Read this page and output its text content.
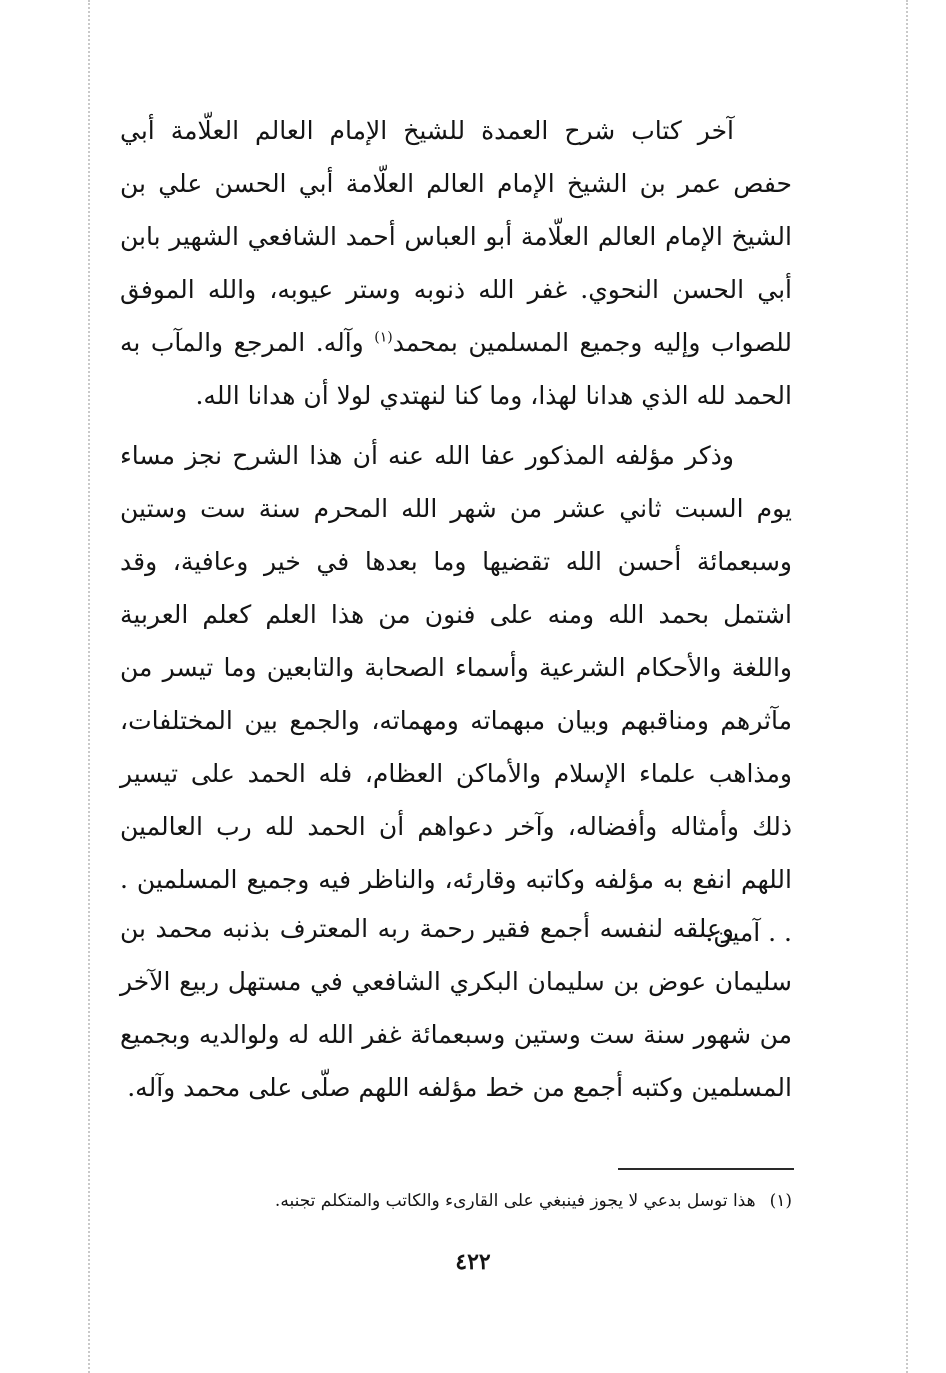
آخر كتاب شرح العمدة للشيخ الإمام العالم العلّامة أبي حفص عمر بن الشيخ الإمام العالم العلّامة أبي الحسن علي بن الشيخ الإمام العالم العلّامة أبو العباس أحمد الشافعي الشهير بابن أبي الحسن النحوي. غفر الله ذنوبه وستر عيوبه، والله الموفق للصواب وإليه وجميع المسلمين بمحمد$^{(١)}$ وآله. المرجع والمآب به الحمد لله الذي هدانا لهذا، وما كنا لنهتدي لولا أن هدانا الله.

وذكر مؤلفه المذكور عفا الله عنه أن هذا الشرح نجز مساء يوم السبت ثاني عشر من شهر الله المحرم سنة ست وستين وسبعمائة أحسن الله تقضيها وما بعدها في خير وعافية، وقد اشتمل بحمد الله ومنه على فنون من هذا العلم كعلم العربية واللغة والأحكام الشرعية وأسماء الصحابة والتابعين وما تيسر من مآثرهم ومناقبهم وبيان مبهماته ومهماته، والجمع بين المختلفات، ومذاهب علماء الإسلام والأماكن العظام، فله الحمد على تيسير ذلك وأمثاله وأفضاله، وآخر دعواهم أن الحمد لله رب العالمين اللهم انفع به مؤلفه وكاتبه وقارئه، والناظر فيه وجميع المسلمين . . . آمين.

وعلقه لنفسه أجمع فقير رحمة ربه المعترف بذنبه محمد بن سليمان عوض بن سليمان البكري الشافعي في مستهل ربيع الآخر من شهور سنة ست وستين وسبعمائة غفر الله له ولوالديه وبجميع المسلمين وكتبه أجمع من خط مؤلفه اللهم صلّى على محمد وآله.

(١)هذا توسل بدعي لا يجوز فينبغي على القارىء والكاتب والمتكلم تجنبه.
٤٢٢
